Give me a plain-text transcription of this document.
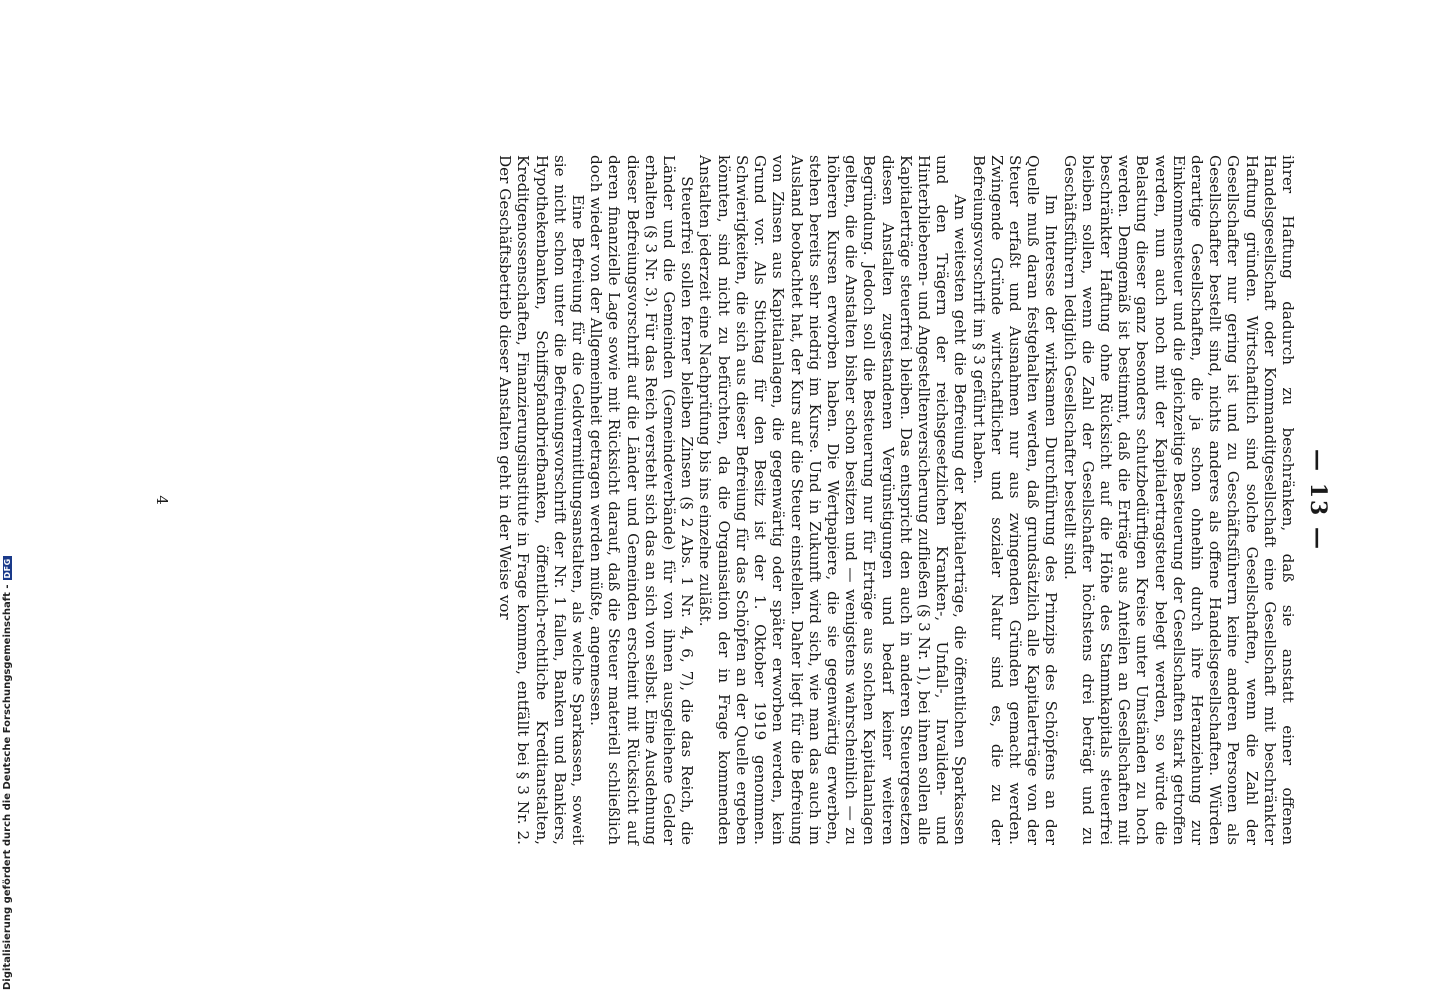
— 13 —

ihrer Haftung dadurch zu beschränken, daß sie anstatt einer offenen Handelsgesellschaft oder Kommanditgesellschaft eine Gesellschaft mit beschränkter Haftung gründen. Wirtschaftlich sind solche Gesellschaften, wenn die Zahl der Gesellschafter nur gering ist und zu Geschäftsführern keine anderen Personen als Gesellschafter bestellt sind, nichts anderes als offene Handelsgesellschaften. Würden derartige Gesellschaften, die ja schon ohnehin durch ihre Heranziehung zur Einkommensteuer und die gleichzeitige Besteuerung der Gesellschaften stark getroffen werden, nun auch noch mit der Kapitalertragsteuer belegt werden, so würde die Belastung dieser ganz besonders schutzbedürftigen Kreise unter Umständen zu hoch werden. Demgemäß ist bestimmt, daß die Erträge aus Anteilen an Gesellschaften mit beschränkter Haftung ohne Rücksicht auf die Höhe des Stammkapitals steuerfrei bleiben sollen, wenn die Zahl der Gesellschafter höchstens drei beträgt und zu Geschäftsführern lediglich Gesellschafter bestellt sind.

Im Interesse der wirksamen Durchführung des Prinzips des Schöpfens an der Quelle muß daran festgehalten werden, daß grundsätzlich alle Kapitalerträge von der Steuer erfaßt und Ausnahmen nur aus zwingenden Gründen gemacht werden. Zwingende Gründe wirtschaftlicher und sozialer Natur sind es, die zu der Befreiungsvorschrift im § 3 geführt haben.

Am weitesten geht die Befreiung der Kapitalerträge, die öffentlichen Sparkassen und den Trägern der reichsgesetzlichen Kranken-, Unfall-, Invaliden- und Hinterbliebenen- und Angestelltenversicherung zufließen (§ 3 Nr. 1), bei ihnen sollen alle Kapitalerträge steuerfrei bleiben. Das entspricht den auch in anderen Steuergesetzen diesen Anstalten zugestandenen Vergünstigungen und bedarf keiner weiteren Begründung. Jedoch soll die Besteuerung nur für Erträge aus solchen Kapitalanlagen gelten, die die Anstalten bisher schon besitzen und — wenigstens wahrscheinlich — zu höheren Kursen erworben haben. Die Wertpapiere, die sie gegenwärtig erwerben, stehen bereits sehr niedrig im Kurse. Und in Zukunft wird sich, wie man das auch im Ausland beobachtet hat, der Kurs auf die Steuer einstellen. Daher liegt für die Befreiung von Zinsen aus Kapitalanlagen, die gegenwärtig oder später erworben werden, kein Grund vor. Als Stichtag für den Besitz ist der 1. Oktober 1919 genommen. Schwierigkeiten, die sich aus dieser Befreiung für das Schöpfen an der Quelle ergeben könnten, sind nicht zu befürchten, da die Organisation der in Frage kommenden Anstalten jederzeit eine Nachprüfung bis ins einzelne zuläßt.

Steuerfrei sollen ferner bleiben Zinsen (§ 2 Abs. 1 Nr. 4, 6, 7), die das Reich, die Länder und die Gemeinden (Gemeindeverbände) für von ihnen ausgeliehene Gelder erhalten (§ 3 Nr. 3). Für das Reich versteht sich das an sich von selbst. Eine Ausdehnung dieser Befreiungsvorschrift auf die Länder und Gemeinden erscheint mit Rücksicht auf deren finanzielle Lage sowie mit Rücksicht darauf, daß die Steuer materiell schließlich doch wieder von der Allgemeinheit getragen werden müßte, angemessen.

Eine Befreiung für die Geldvermittlungsanstalten, als welche Sparkassen, soweit sie nicht schon unter die Befreiungsvorschrift der Nr. 1 fallen, Banken und Bankiers, Hypothekenbanken, Schiffspfandbriefbanken, öffentlich-rechtliche Kreditanstalten, Kreditgenossenschaften, Finanzierungsinstitute in Frage kommen, entfällt bei § 3 Nr. 2. Der Geschäftsbetrieb dieser Anstalten geht in der Weise vor

4
Digitalisierung gefördert durch die Deutsche Forschungsgemeinschaft -
DFG
